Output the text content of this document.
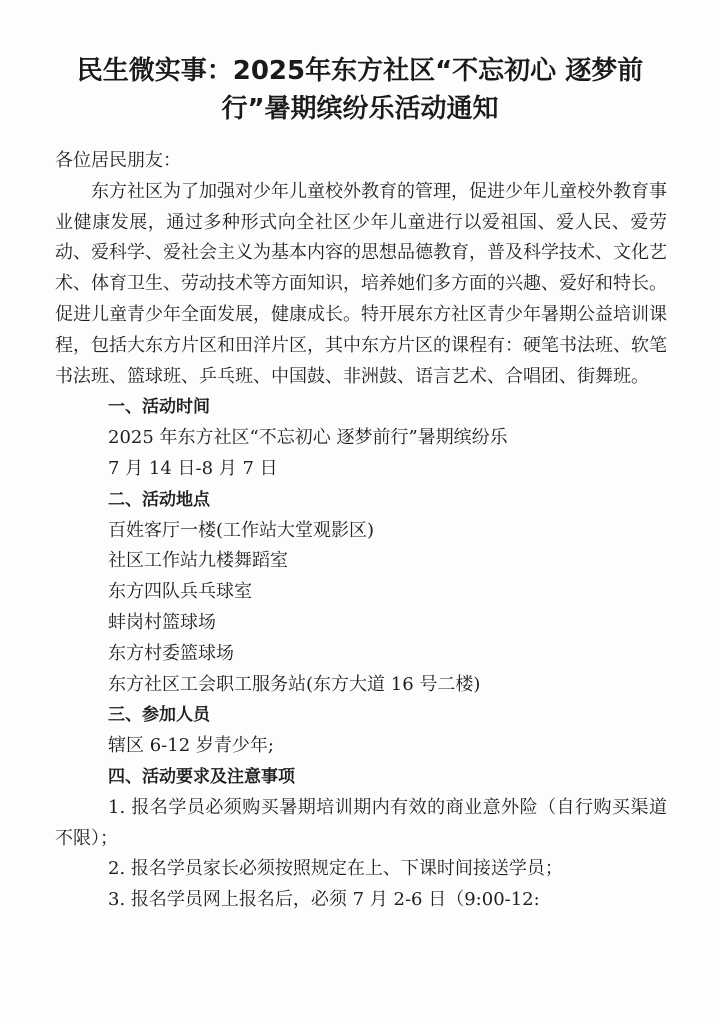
民生微实事：2025年东方社区“不忘初心 逐梦前
行”暑期缤纷乐活动通知

各位居民朋友：

东方社区为了加强对少年儿童校外教育的管理，促进少年儿童校外教育事业健康发展，通过多种形式向全社区少年儿童进行以爱祖国、爱人民、爱劳动、爱科学、爱社会主义为基本内容的思想品德教育，普及科学技术、文化艺术、体育卫生、劳动技术等方面知识，培养她们多方面的兴趣、爱好和特长。促进儿童青少年全面发展，健康成长。特开展东方社区青少年暑期公益培训课程，包括大东方片区和田洋片区，其中东方片区的课程有：硬笔书法班、软笔书法班、篮球班、乒乓班、中国鼓、非洲鼓、语言艺术、合唱团、街舞班。

一、活动时间

2025 年东方社区“不忘初心 逐梦前行”暑期缤纷乐

7 月 14 日-8 月 7 日

二、活动地点

百姓客厅一楼(工作站大堂观影区)

社区工作站九楼舞蹈室

东方四队兵乓球室

蚌岗村篮球场

东方村委篮球场

东方社区工会职工服务站(东方大道 16 号二楼)

三、参加人员

辖区 6-12 岁青少年;

四、活动要求及注意事项

1. 报名学员必须购买暑期培训期内有效的商业意外险（自行购买渠道不限）；

2. 报名学员家长必须按照规定在上、下课时间接送学员；

3. 报名学员网上报名后，必须 7 月 2-6 日（9:00-12:
